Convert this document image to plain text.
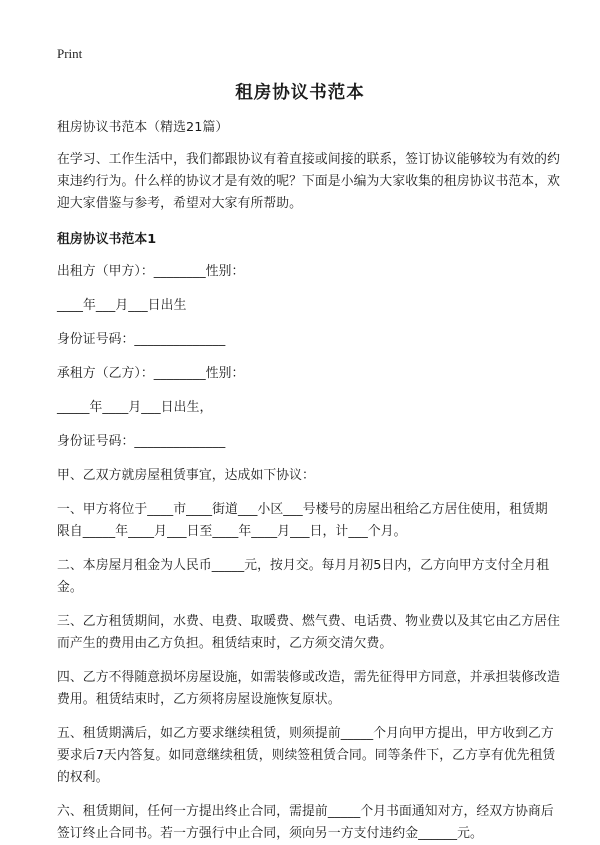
Print
租房协议书范本

租房协议书范本（精选21篇）

在学习、工作生活中，我们都跟协议有着直接或间接的联系，签订协议能够较为有效的约束违约行为。什么样的协议才是有效的呢？下面是小编为大家收集的租房协议书范本，欢迎大家借鉴与参考，希望对大家有所帮助。

租房协议书范本1

出租方（甲方）：________性别：

____年___月___日出生

身份证号码：______________

承租方（乙方）：________性别：

_____年____月___日出生，

身份证号码：______________

甲、乙双方就房屋租赁事宜，达成如下协议：

一、甲方将位于____市____街道___小区___号楼号的房屋出租给乙方居住使用，租赁期限自_____年____月___日至____年____月___日，计___个月。

二、本房屋月租金为人民币_____元，按月交。每月月初5日内，乙方向甲方支付全月租金。

三、乙方租赁期间，水费、电费、取暖费、燃气费、电话费、物业费以及其它由乙方居住而产生的费用由乙方负担。租赁结束时，乙方须交清欠费。

四、乙方不得随意损坏房屋设施，如需装修或改造，需先征得甲方同意，并承担装修改造费用。租赁结束时，乙方须将房屋设施恢复原状。

五、租赁期满后，如乙方要求继续租赁，则须提前_____个月向甲方提出，甲方收到乙方要求后7天内答复。如同意继续租赁，则续签租赁合同。同等条件下，乙方享有优先租赁的权利。

六、租赁期间，任何一方提出终止合同，需提前_____个月书面通知对方，经双方协商后签订终止合同书。若一方强行中止合同，须向另一方支付违约金______元。
